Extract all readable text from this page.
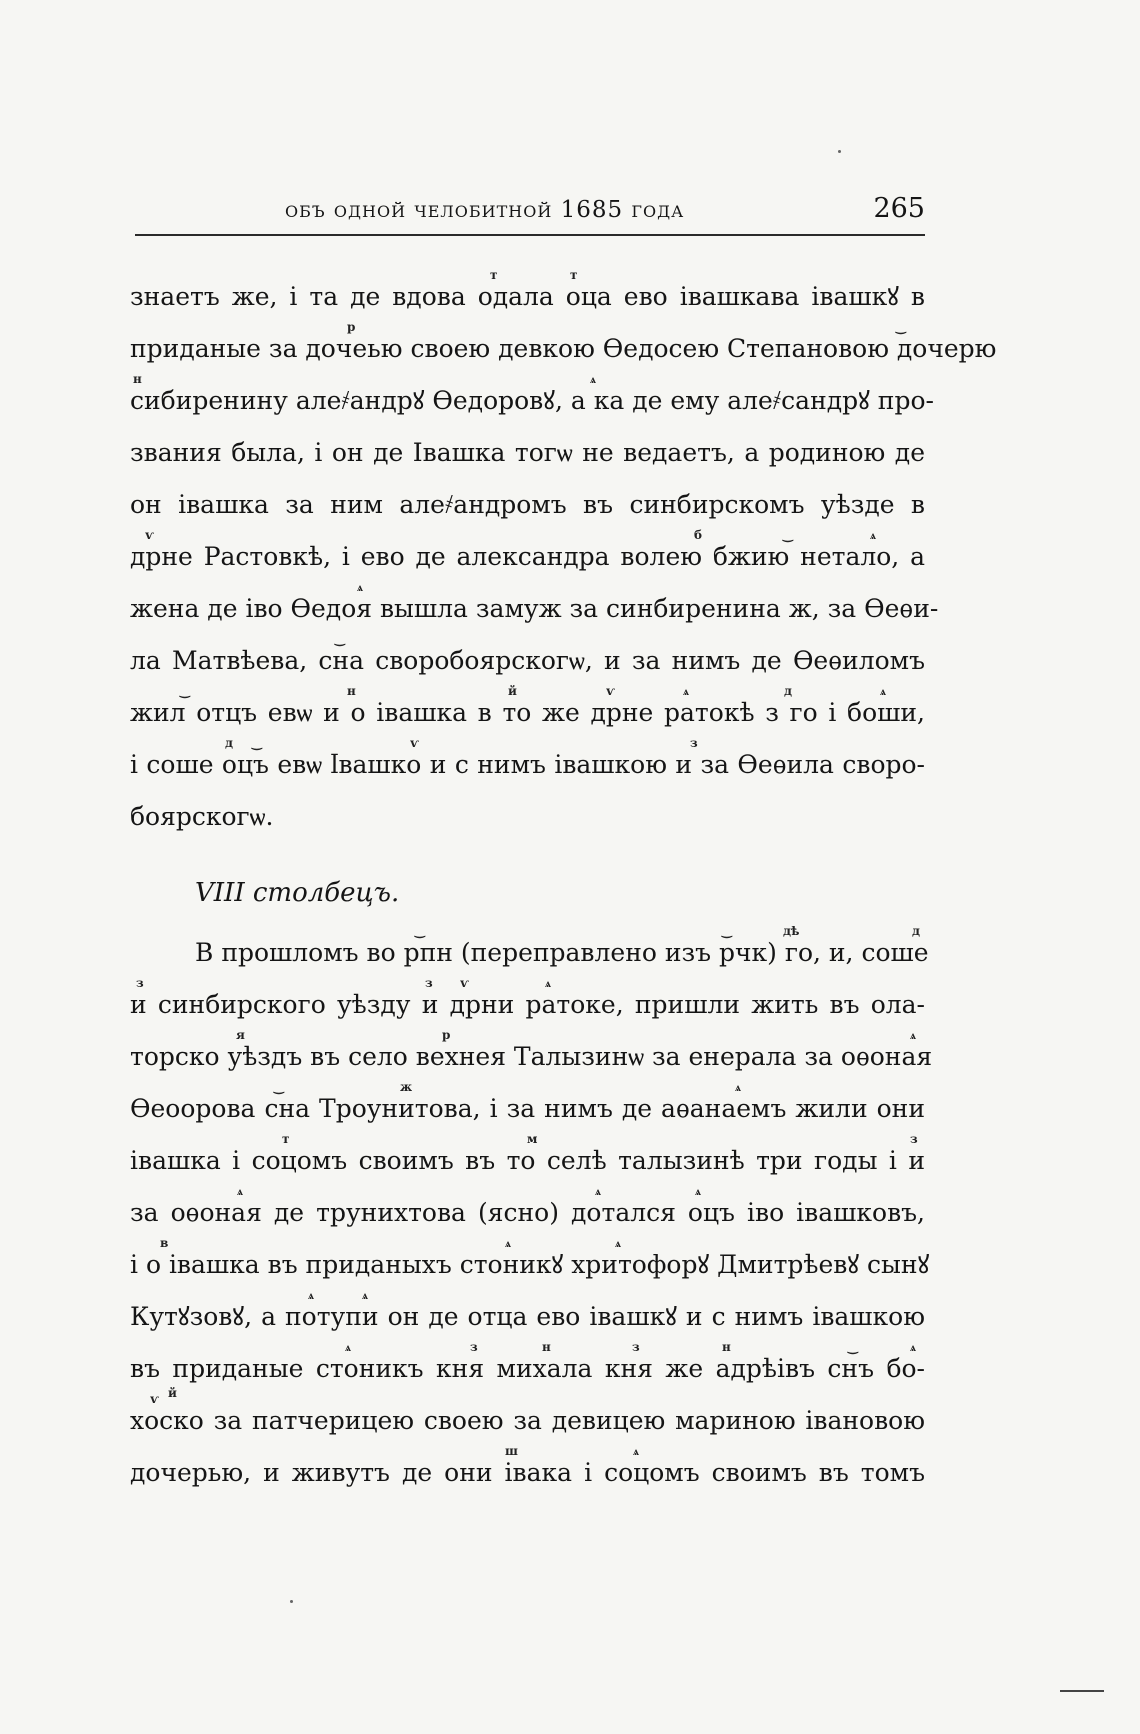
объ одной челобитной 1685 года	265
знаетъ же, і та де вдова одала оца ево івашкава івашкꙋ в
приданые за дочеью своею девкою Өедосею Степановою дочерю
сибиренину але҂андрꙋ Өедоровꙋ, а ка де ему але҂сандрꙋ про-
звания была, і он де Івашка тогѡ не ведаетъ, а родиною де
он івашка за ним але҂андромъ въ синбирскомъ уѣзде в
дрне Растовкѣ, і ево де александра волею бжию нетало, а
жена де іво Өедоя вышла замуж за синбиренина ж, за Өеѳи-
ла Матвѣева, сна своробоярскогѡ, и за нимъ де Өеѳиломъ
жил отцъ евѡ и о івашка в то же дрне ратокѣ з го і боши,
і соше оцъ евѡ ӏвашко и с нимъ івашкою и за Өеѳила своро-
боярскогѡ.
VIII столбецъ.
В прошломъ во рпн (переправлено изъ рчк) го, и, соше
и синбирского уѣзду и дрни ратоке, пришли жить въ ола-
торско уѣздъ въ село вехнея Талызинѡ за енерала за оѳоная
Өеоорова сна Троунитова, і за нимъ де аѳанаемъ жили они
івашка і соцомъ своимъ въ то селѣ талызинѣ три годы і и
за оѳоная де труниxтова (ясно) дотался оцъ іво івашковъ,
і о івашка въ приданыхъ стоникꙋ хритофорꙋ Дмитрѣевꙋ сынꙋ
Кутꙋзовꙋ, а потупи он де отца ево івашкꙋ и с нимъ івашкою
въ приданые стоникъ кня михала кня же адрѣівъ снъ бо-
хоско за патчерицею своею за девицею мариною івановою
дочерью, и живутъ де они івака і соцомъ своимъ въ томъ
т	т
р	‿
н	ѧ
ѵ	б	‿	ѧ
ѧ
‿
‿	н	й	ѵ	ѧ	д	ѧ
д ‿	ѵ	з
‿	‿	дѣ	д
з	з ѵ	ѧ
я	р	ѧ
‿	ж	ѧ
т	м	з
ѧ	ѧ	ѧ
в	ѧ	ѧ
ѧ	ѧ
ѧ	з	н	з	н	‿	ѧ
ѵ й
ш	ѧ
